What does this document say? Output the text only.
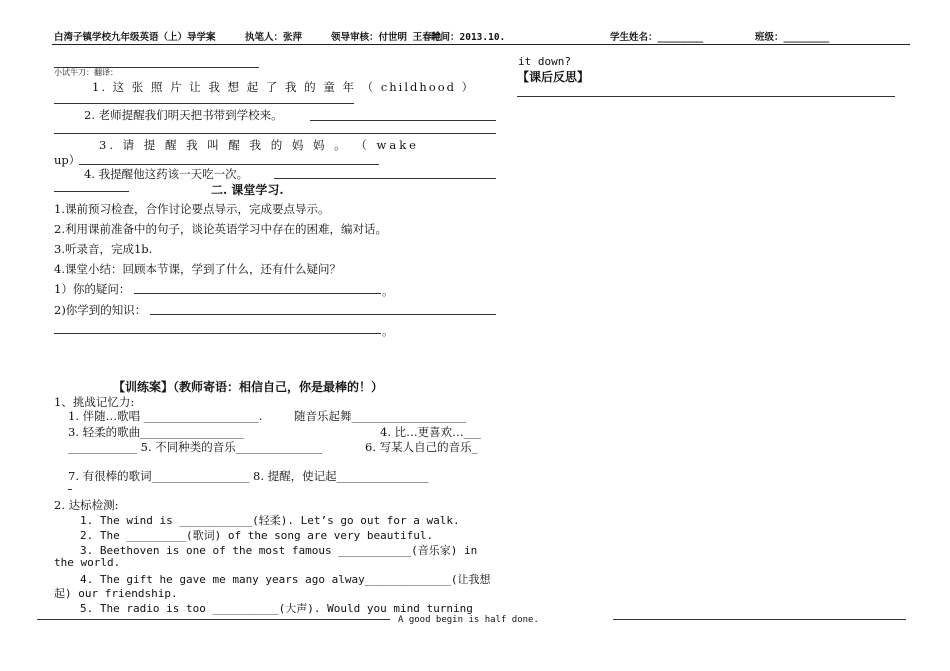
白湾子镇学校九年级英语（上）导学案	执笔人：张萍	领导审核：付世明 王春艳
时间：2013.10.	学生姓名：________	班级：________
小试牛刀：翻译：
1. 这 张 照 片 让 我 想 起 了 我 的 童 年 （ childhood ）
2. 老师提醒我们明天把书带到学校来。
3. 请 提 醒 我 叫 醒 我 的 妈 妈 。 （ wake
up）
4. 我提醒他这药该一天吃一次。
二. 课堂学习.
1.课前预习检查，合作讨论要点导示，完成要点导示。
2.利用课前准备中的句子，谈论英语学习中存在的困难，编对话。
3.听录音，完成1b.
4.课堂小结：回顾本节课，学到了什么，还有什么疑问？
1）你的疑问：	。
2)你学到的知识：
。
【训练案】（教师寄语：相信自己，你是最棒的！）
1、挑战记忆力:
1. 伴随…歌唱 ____________________.	随音乐起舞____________________
3. 轻柔的歌曲__________________	4. 比…更喜欢…___
____________ 5. 不同种类的音乐_______________	6. 写某人自己的音乐_
7. 有很棒的歌词_________________ 8. 提醒，使记起________________
2. 达标检测:
1. The wind is ___________(轻柔). Let’s go out for a walk.
2. The _________(歌词) of the song are very beautiful.
3. Beethoven is one of the most famous ___________(音乐家) in
the world.
4. The gift he gave me many years ago alway_____________(让我想
起) our friendship.
5. The radio is too __________(大声). Would you mind turning
it down?
【课后反思】
A good begin is half done.
